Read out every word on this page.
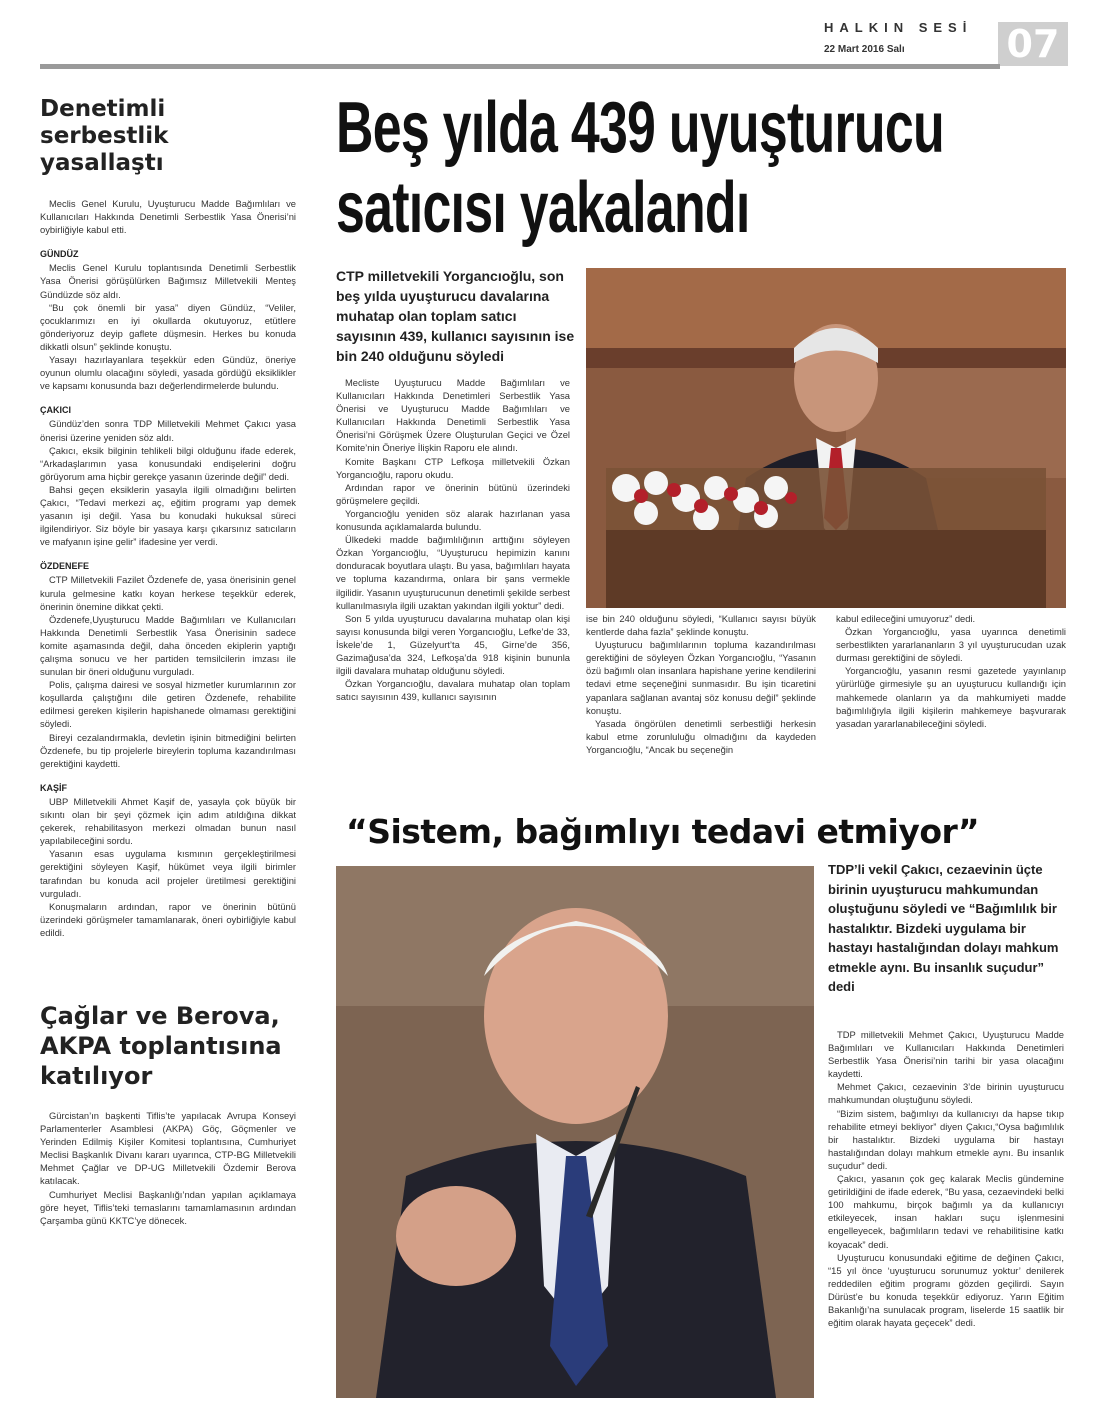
HALKIN SESİ
22 Mart 2016 Salı	07
Denetimli serbestlik
yasallaştı

Meclis Genel Kurulu, Uyuşturucu Madde Bağımlıları ve Kullanıcıları Hakkında Denetimli Serbestlik Yasa Önerisi’ni oybirliğiyle kabul etti.

GÜNDÜZ

Meclis Genel Kurulu toplantısında Denetimli Serbestlik Yasa Önerisi görüşülürken Bağımsız Milletvekili Menteş Gündüzde söz aldı.

“Bu çok önemli bir yasa” diyen Gündüz, “Veliler, çocuklarımızı en iyi okullarda okutuyoruz, etütlere gönderiyoruz deyip gaflete düşmesin. Herkes bu konuda dikkatli olsun” şeklinde konuştu.

Yasayı hazırlayanlara teşekkür eden Gündüz, öneriye oyunun olumlu olacağını söyledi, yasada gördüğü eksiklikler ve kapsamı konusunda bazı değerlendirmelerde bulundu.

ÇAKICI

Gündüz’den sonra TDP Milletvekili Mehmet Çakıcı yasa önerisi üzerine yeniden söz aldı.

Çakıcı, eksik bilginin tehlikeli bilgi olduğunu ifade ederek, “Arkadaşlarımın yasa konusundaki endişelerini doğru görüyorum ama hiçbir gerekçe yasanın üzerinde değil” dedi.

Bahsi geçen eksiklerin yasayla ilgili olmadığını belirten Çakıcı, “Tedavi merkezi aç, eğitim programı yap demek yasanın işi değil. Yasa bu konudaki hukuksal süreci ilgilendiriyor. Siz böyle bir yasaya karşı çıkarsınız satıcıların ve mafyanın işine gelir” ifadesine yer verdi.

ÖZDENEFE

CTP Milletvekili Fazilet Özdenefe de, yasa önerisinin genel kurula gelmesine katkı koyan herkese teşekkür ederek, önerinin önemine dikkat çekti.

Özdenefe,Uyuşturucu Madde Bağımlıları ve Kullanıcıları Hakkında Denetimli Serbestlik Yasa Önerisinin sadece komite aşamasında değil, daha önceden ekiplerin yaptığı çalışma sonucu ve her partiden temsilcilerin imzası ile sunulan bir öneri olduğunu vurguladı.

Polis, çalışma dairesi ve sosyal hizmetler kurumlarının zor koşullarda çalıştığını dile getiren Özdenefe, rehabilite edilmesi gereken kişilerin hapishanede olmaması gerektiğini söyledi.

Bireyi cezalandırmakla, devletin işinin bitmediğini belirten Özdenefe, bu tip projelerle bireylerin topluma kazandırılması gerektiğini kaydetti.

KAŞİF

UBP Milletvekili Ahmet Kaşif de, yasayla çok büyük bir sıkıntı olan bir şeyi çözmek için adım atıldığına dikkat çekerek, rehabilitasyon merkezi olmadan bunun nasıl yapılabileceğini sordu.

Yasanın esas uygulama kısmının gerçekleştirilmesi gerektiğini söyleyen Kaşif, hükümet veya ilgili birimler tarafından bu konuda acil projeler üretilmesi gerektiğini vurguladı.

Konuşmaların ardından, rapor ve önerinin bütünü üzerindeki görüşmeler tamamlanarak, öneri oybirliğiyle kabul edildi.

Çağlar ve Berova,
AKPA toplantısına
katılıyor

Gürcistan’ın başkenti Tiflis’te yapılacak Avrupa Konseyi Parlamenterler Asamblesi (AKPA) Göç, Göçmenler ve Yerinden Edilmiş Kişiler Komitesi toplantısına, Cumhuriyet Meclisi Başkanlık Divanı kararı uyarınca, CTP-BG Milletvekili Mehmet Çağlar ve DP-UG Milletvekili Özdemir Berova katılacak.

Cumhuriyet Meclisi Başkanlığı’ndan yapılan açıklamaya göre heyet, Tiflis’teki temaslarını tamamlamasının ardından Çarşamba günü KKTC’ye dönecek.

Beş yılda 439 uyuşturucu
satıcısı yakalandı
CTP milletvekili Yorgancıoğlu, son beş yılda uyuşturucu davalarına muhatap olan toplam satıcı sayısının 439, kullanıcı sayısının ise bin 240 olduğunu söyledi

Mecliste Uyuşturucu Madde Bağımlıları ve Kullanıcıları Hakkında Denetimleri Serbestlik Yasa Önerisi ve Uyuşturucu Madde Bağımlıları ve Kullanıcıları Hakkında Denetimli Serbestlik Yasa Önerisi’ni Görüşmek Üzere Oluşturulan Geçici ve Özel Komite’nin Öneriye İlişkin Raporu ele alındı.

Komite Başkanı CTP Lefkoşa milletvekili Özkan Yorgancıoğlu, raporu okudu.

Ardından rapor ve önerinin bütünü üzerindeki görüşmelere geçildi.

Yorgancıoğlu yeniden söz alarak hazırlanan yasa konusunda açıklamalarda bulundu.

Ülkedeki madde bağımlılığının arttığını söyleyen Özkan Yorgancıoğlu, “Uyuşturucu hepimizin kanını donduracak boyutlara ulaştı. Bu yasa, bağımlıları hayata ve topluma kazandırma, onlara bir şans vermekle ilgilidir. Yasanın uyuşturucunun denetimli şekilde serbest kullanılmasıyla ilgili uzaktan yakından ilgili yoktur” dedi.

Son 5 yılda uyuşturucu davalarına muhatap olan kişi sayısı konusunda bilgi veren Yorgancıoğlu, Lefke’de 33, İskele’de 1, Güzelyurt’ta 45, Girne’de 356, Gazimağusa’da 324, Lefkoşa’da 918 kişinin bununla ilgili davalara muhatap olduğunu söyledi.

Özkan Yorgancıoğlu, davalara muhatap olan toplam satıcı sayısının 439, kullanıcı sayısının

ise bin 240 olduğunu söyledi, “Kullanıcı sayısı büyük kentlerde daha fazla” şeklinde konuştu.

Uyuşturucu bağımlılarının topluma kazandırılması gerektiğini de söyleyen Özkan Yorgancıoğlu, “Yasanın özü bağımlı olan insanlara hapishane yerine kendilerini tedavi etme seçeneğini sunmasıdır. Bu işin ticaretini yapanlara sağlanan avantaj söz konusu değil” şeklinde konuştu.

Yasada öngörülen denetimli serbestliği herkesin kabul etme zorunluluğu olmadığını da kaydeden Yorgancıoğlu, “Ancak bu seçeneğin

kabul edileceğini umuyoruz” dedi.

Özkan Yorgancıoğlu, yasa uyarınca denetimli serbestlikten yararlananların 3 yıl uyuşturucudan uzak durması gerektiğini de söyledi.

Yorgancıoğlu, yasanın resmi gazetede yayınlanıp yürürlüğe girmesiyle şu an uyuşturucu kullandığı için mahkemede olanların ya da mahkumiyeti madde bağımlılığıyla ilgili kişilerin mahkemeye başvurarak yasadan yararlanabileceğini söyledi.

“Sistem, bağımlıyı tedavi etmiyor”
TDP’li vekil Çakıcı, cezaevinin üçte birinin uyuşturucu mahkumundan oluştuğunu söyledi ve “Bağımlılık bir hastalıktır. Bizdeki uygulama bir hastayı hastalığından dolayı mahkum etmekle aynı. Bu insanlık suçudur” dedi

TDP milletvekili Mehmet Çakıcı, Uyuşturucu Madde Bağımlıları ve Kullanıcıları Hakkında Denetimleri Serbestlik Yasa Önerisi’nin tarihi bir yasa olacağını kaydetti.

Mehmet Çakıcı, cezaevinin 3’de birinin uyuşturucu mahkumundan oluştuğunu söyledi.

“Bizim sistem, bağımlıyı da kullanıcıyı da hapse tıkıp rehabilite etmeyi bekliyor” diyen Çakıcı,“Oysa bağımlılık bir hastalıktır. Bizdeki uygulama bir hastayı hastalığından dolayı mahkum etmekle aynı. Bu insanlık suçudur” dedi.

Çakıcı, yasanın çok geç kalarak Meclis gündemine getirildiğini de ifade ederek, “Bu yasa, cezaevindeki belki 100 mahkumu, birçok bağımlı ya da kullanıcıyı etkileyecek, insan hakları suçu işlenmesini engelleyecek, bağımlıların tedavi ve rehabilitisine katkı koyacak” dedi.

Uyuşturucu konusundaki eğitime de değinen Çakıcı, “15 yıl önce ‘uyuşturucu sorunumuz yoktur’ denilerek reddedilen eğitim programı gözden geçilirdi. Sayın Dürüst’e bu konuda teşekkür ediyoruz. Yarın Eğitim Bakanlığı’na sunulacak program, liselerde 15 saatlik bir eğitim olarak hayata geçecek” dedi.
